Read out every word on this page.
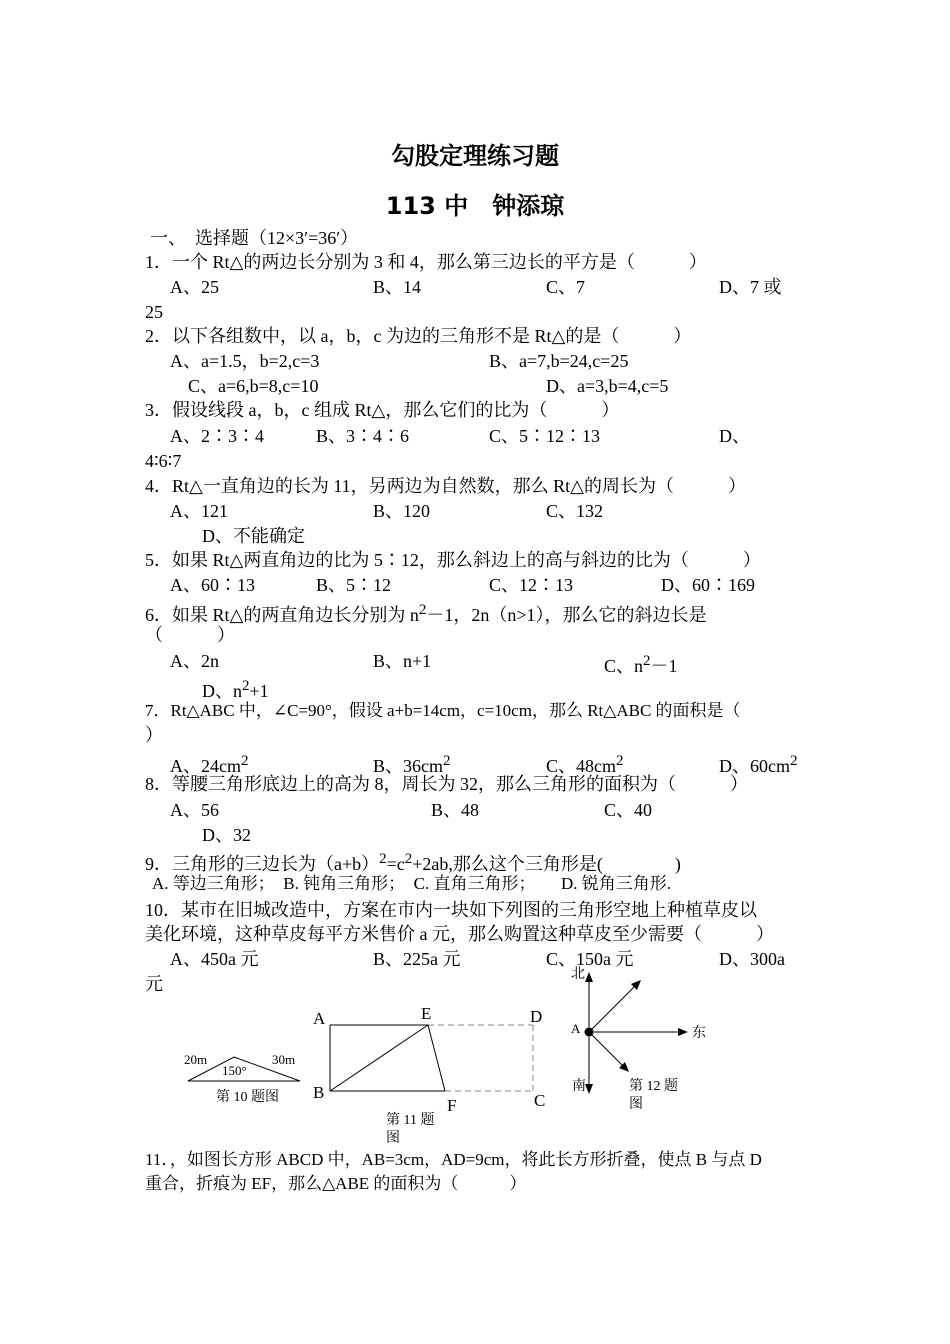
勾股定理练习题
113 中　钟添琼
一、　选择题（12×3′=36′）
1．一个 Rt△的两边长分别为 3 和 4，那么第三边长的平方是（　　　）
A、25	B、14	C、7	D、7 或
25
2．以下各组数中，以 a，b，c 为边的三角形不是 Rt△的是（　　　）
A、a=1.5，b=2,c=3	B、a=7,b=24,c=25
C、a=6,b=8,c=10	D、a=3,b=4,c=5
3．假设线段 a，b，c 组成 Rt△，那么它们的比为（　　　）
A、2∶3∶4	B、3∶4∶6	C、5∶12∶13	D、
4∶6∶7
4．Rt△一直角边的长为 11，另两边为自然数，那么 Rt△的周长为（　　　）
A、121	B、120	C、132
D、不能确定
5．如果 Rt△两直角边的比为 5∶12，那么斜边上的高与斜边的比为（　　　）
A、60∶13	B、5∶12	C、12∶13	D、60∶169
6．如果 Rt△的两直角边长分别为 $n^2-1$，2n（n>1），那么它的斜边长是
（　　　）
A、2n	B、n+1	C、$n^2-1$
D、$n^2+1$
7．Rt△ABC 中，∠C=90°，假设 a+b=14cm，c=10cm，那么 Rt△ABC 的面积是（
）
A、$24cm^2$	B、$36cm^2$	C、$48cm^2$	D、$60cm^2$
8．等腰三角形底边上的高为 8，周长为 32，那么三角形的面积为（　　　）
A、56	B、48	C、40
D、32
9．三角形的三边长为$(a+b)^2=c^2+2ab$,那么这个三角形是(　　　　)
A. 等边三角形；　B. 钝角三角形；　C. 直角三角形；　　D. 锐角三角形.
10．某市在旧城改造中，方案在市内一块如下列图的三角形空地上种植草皮以
美化环境，这种草皮每平方米售价 a 元，那么购置这种草皮至少需要（　　　）
A、450a 元	B、225a 元	C、150a 元	D、300a
元
20m	30m
150°
第 10 题图
A	E	D
B
F	C
第 11 题
图
北
南
东
A
第 12 题
图
11．，如图长方形 ABCD 中，AB=3cm，AD=9cm，将此长方形折叠，使点 B 与点 D
重合，折痕为 EF，那么△ABE 的面积为（　　　）
